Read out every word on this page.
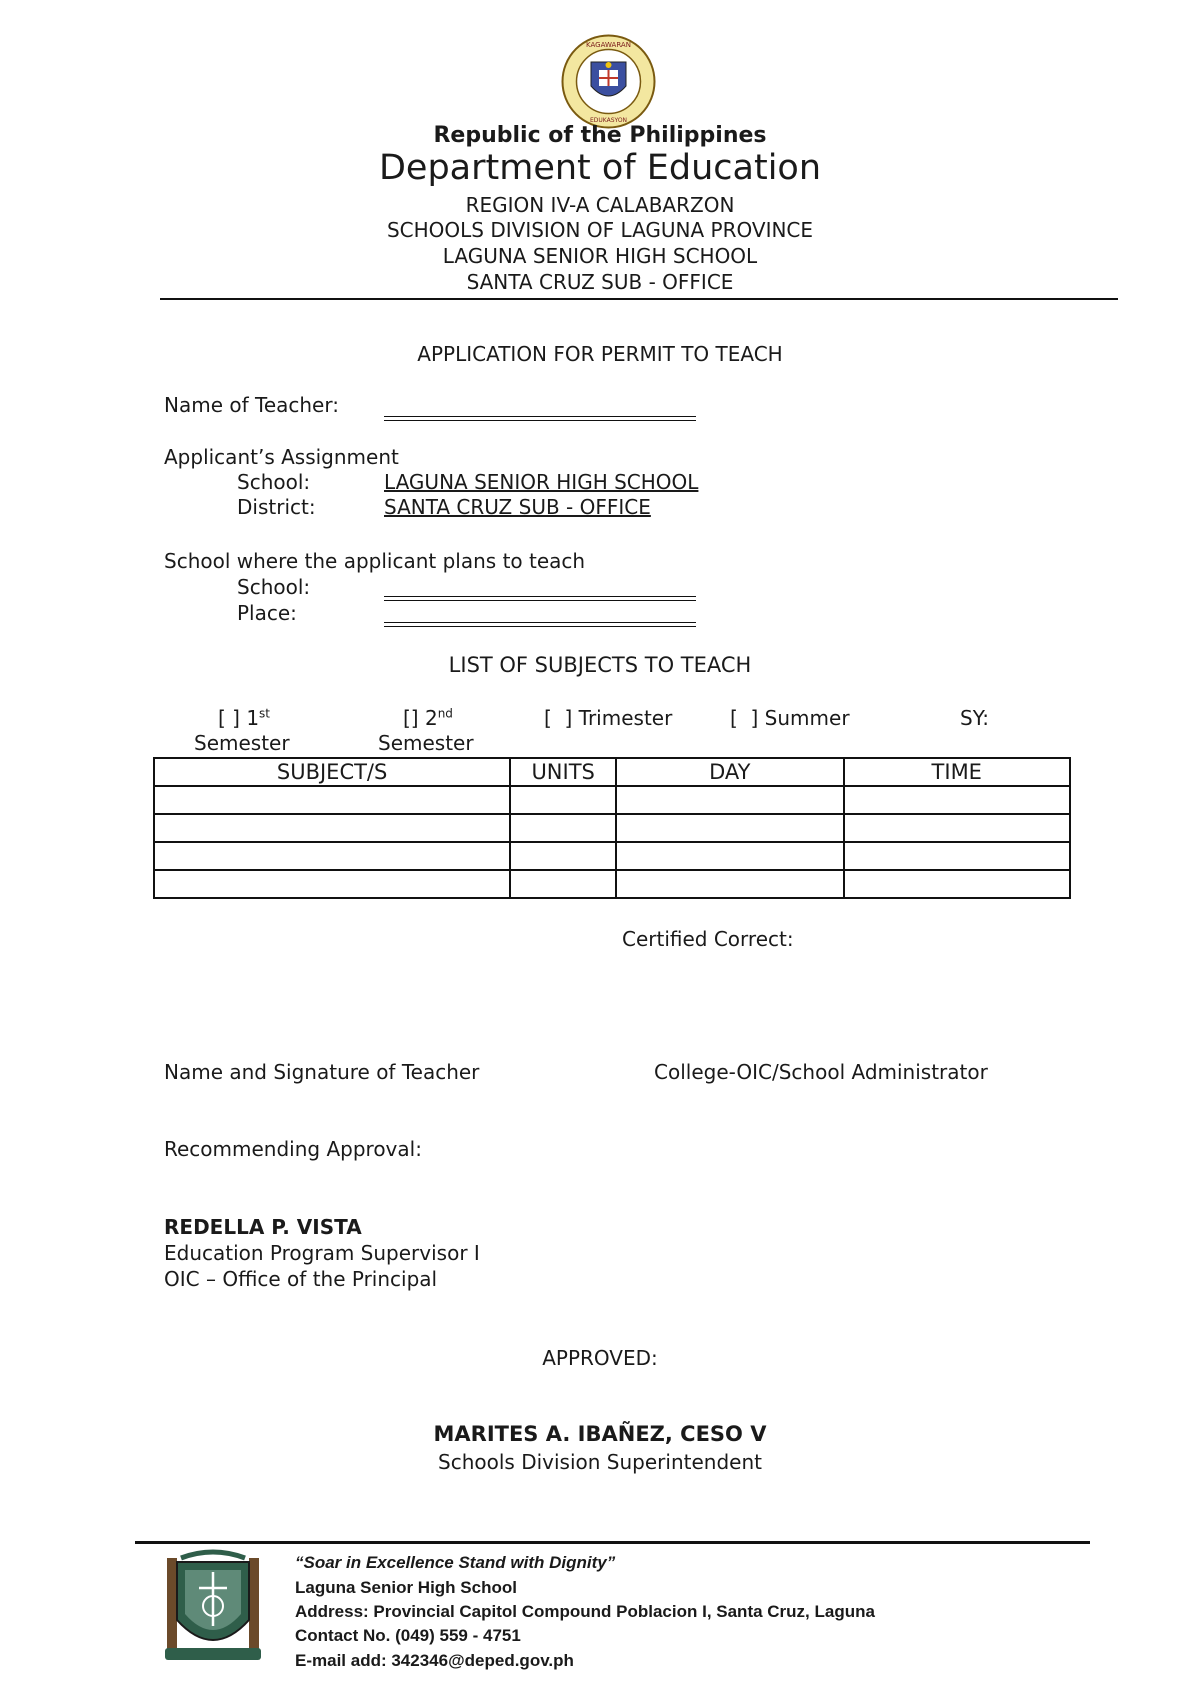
KAGAWARAN
EDUKASYON
Republic of the Philippines
Department of Education
REGION IV-A CALABARZON
SCHOOLS DIVISION OF LAGUNA PROVINCE
LAGUNA SENIOR HIGH SCHOOL
SANTA CRUZ SUB - OFFICE
APPLICATION FOR PERMIT TO TEACH
Name of Teacher:
Applicant’s Assignment
School:	LAGUNA SENIOR HIGH SCHOOL
District:	SANTA CRUZ SUB - OFFICE
School where the applicant plans to teach
School:
Place:
LIST OF SUBJECTS TO TEACH
[ ] 1st
Semester
[] 2nd
Semester
[  ] Trimester	[  ] Summer	SY:
SUBJECT/S	UNITS	DAY	TIME

Certified Correct:
Name and Signature of Teacher	College-OIC/School Administrator
Recommending Approval:
REDELLA P. VISTA
Education Program Supervisor I
OIC – Office of the Principal
APPROVED:
MARITES A. IBAÑEZ, CESO V
Schools Division Superintendent
“Soar in Excellence Stand with Dignity”
Laguna Senior High School
Address: Provincial Capitol Compound Poblacion I, Santa Cruz, Laguna
Contact No. (049) 559 - 4751
E-mail add: 342346@deped.gov.ph
